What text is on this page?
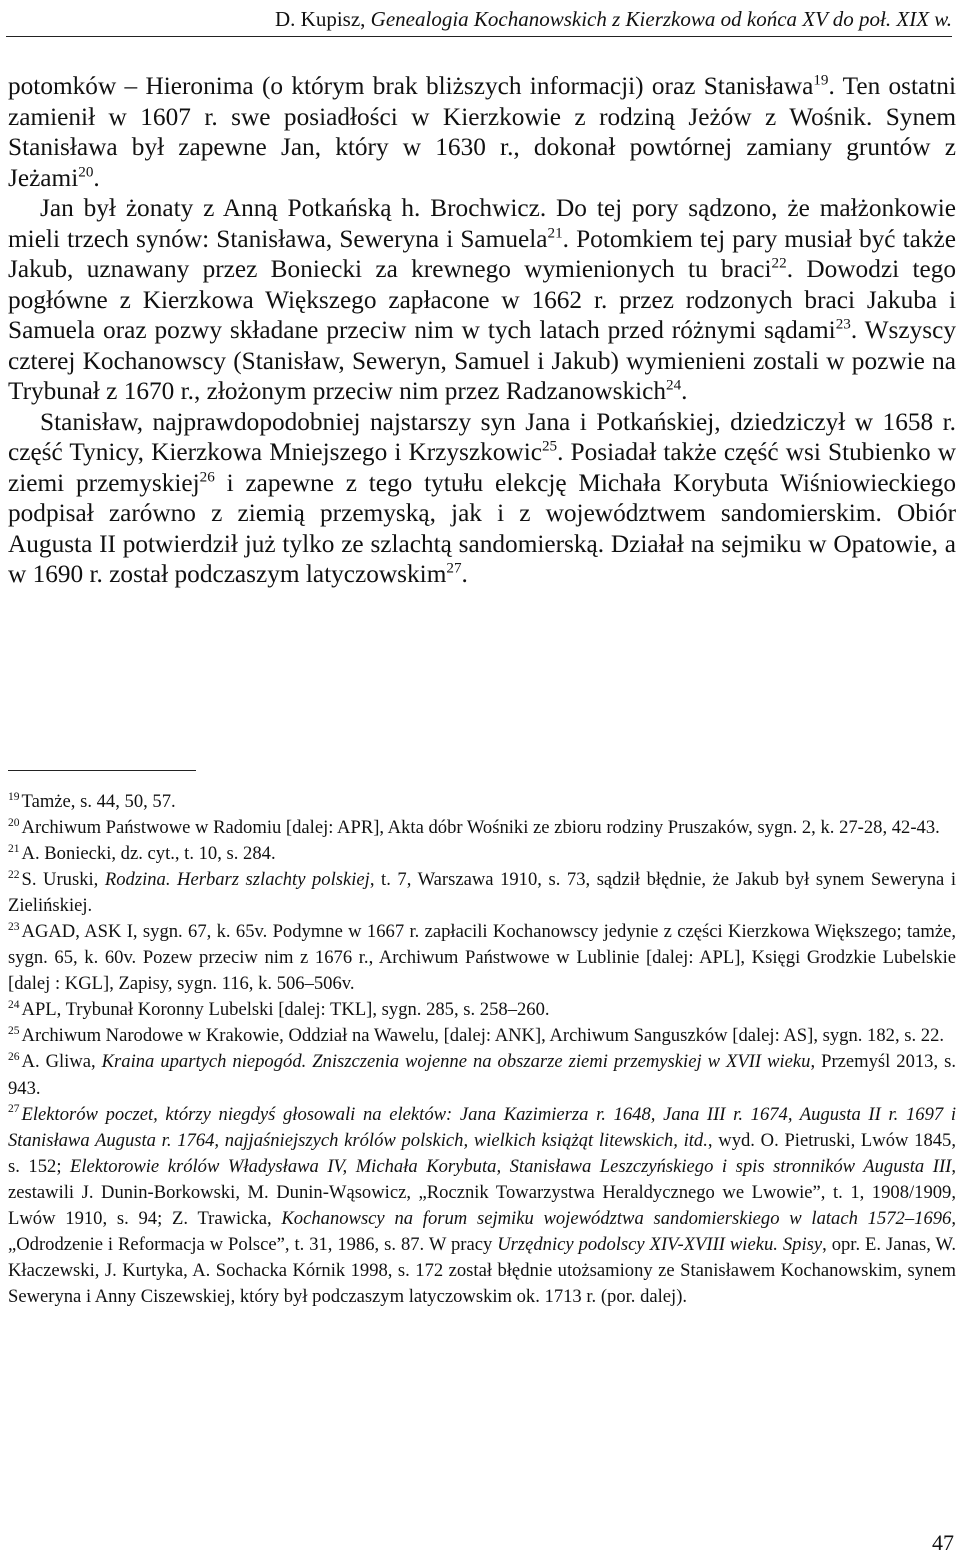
D. Kupisz, Genealogia Kochanowskich z Kierzkowa od końca XV do poł. XIX w.

potomków – Hieronima (o którym brak bliższych informacji) oraz Stanisława$^{19}$. Ten ostatni zamienił w 1607 r. swe posiadłości w Kierzkowie z rodziną Jeżów z Wośnik. Synem Stanisława był zapewne Jan, który w 1630 r., dokonał powtórnej zamiany gruntów z Jeżami$^{20}$.

Jan był żonaty z Anną Potkańską h. Brochwicz. Do tej pory sądzono, że małżonkowie mieli trzech synów: Stanisława, Seweryna i Samuela$^{21}$. Potomkiem tej pary musiał być także Jakub, uznawany przez Boniecki za krewnego wymienionych tu braci$^{22}$. Dowodzi tego pogłówne z Kierzkowa Większego zapłacone w 1662 r. przez rodzonych braci Jakuba i Samuela oraz pozwy składane przeciw nim w tych latach przed różnymi sądami$^{23}$. Wszyscy czterej Kochanowscy (Stanisław, Seweryn, Samuel i Jakub) wymienieni zostali w pozwie na Trybunał z 1670 r., złożonym przeciw nim przez Radzanowskich$^{24}$.

Stanisław, najprawdopodobniej najstarszy syn Jana i Potkańskiej, dziedziczył w 1658 r. część Tynicy, Kierzkowa Mniejszego i Krzyszkowic$^{25}$. Posiadał także część wsi Stubienko w ziemi przemyskiej$^{26}$ i zapewne z tego tytułu elekcję Michała Korybuta Wiśniowieckiego podpisał zarówno z ziemią przemyską, jak i z województwem sandomierskim. Obiór Augusta II potwierdził już tylko ze szlachtą sandomierską. Działał na sejmiku w Opatowie, a w 1690 r. został podczaszym latyczowskim$^{27}$.

$^{19}$ Tamże, s. 44, 50, 57.

$^{20}$ Archiwum Państwowe w Radomiu [dalej: APR], Akta dóbr Wośniki ze zbioru rodziny Pruszaków, sygn. 2, k. 27-28, 42-43.

$^{21}$ A. Boniecki, dz. cyt., t. 10, s. 284.

$^{22}$ S. Uruski, Rodzina. Herbarz szlachty polskiej, t. 7, Warszawa 1910, s. 73, sądził błędnie, że Jakub był synem Seweryna i Zielińskiej.

$^{23}$ AGAD, ASK I, sygn. 67, k. 65v. Podymne w 1667 r. zapłacili Kochanowscy jedynie z części Kierzkowa Większego; tamże, sygn. 65, k. 60v. Pozew przeciw nim z 1676 r., Archiwum Państwowe w Lublinie [dalej: APL], Księgi Grodzkie Lubelskie [dalej : KGL], Zapisy, sygn. 116, k. 506–506v.

$^{24}$ APL, Trybunał Koronny Lubelski [dalej: TKL], sygn. 285, s. 258–260.

$^{25}$ Archiwum Narodowe w Krakowie, Oddział na Wawelu, [dalej: ANK], Archiwum Sanguszków [dalej: AS], sygn. 182, s. 22.

$^{26}$ A. Gliwa, Kraina upartych niepogód. Zniszczenia wojenne na obszarze ziemi przemyskiej w XVII wieku, Przemyśl 2013, s. 943.

$^{27}$ Elektorów poczet, którzy niegdyś głosowali na elektów: Jana Kazimierza r. 1648, Jana III r. 1674, Augusta II r. 1697 i Stanisława Augusta r. 1764, najjaśniejszych królów polskich, wielkich książąt litewskich, itd., wyd. O. Pietruski, Lwów 1845, s. 152; Elektorowie królów Władysława IV, Michała Korybuta, Stanisława Leszczyńskiego i spis stronników Augusta III, zestawili J. Dunin-Borkowski, M. Dunin-Wąsowicz, „Rocznik Towarzystwa Heraldycznego we Lwowie”, t. 1, 1908/1909, Lwów 1910, s. 94; Z. Trawicka, Kochanowscy na forum sejmiku województwa sandomierskiego w latach 1572–1696, „Odrodzenie i Reformacja w Polsce”, t. 31, 1986, s. 87. W pracy Urzędnicy podolscy XIV-XVIII wieku. Spisy, opr. E. Janas, W. Kłaczewski, J. Kurtyka, A. Sochacka Kórnik 1998, s. 172 został błędnie utożsamiony ze Stanisławem Kochanowskim, synem Seweryna i Anny Ciszewskiej, który był podczaszym latyczowskim ok. 1713 r. (por. dalej).

47
